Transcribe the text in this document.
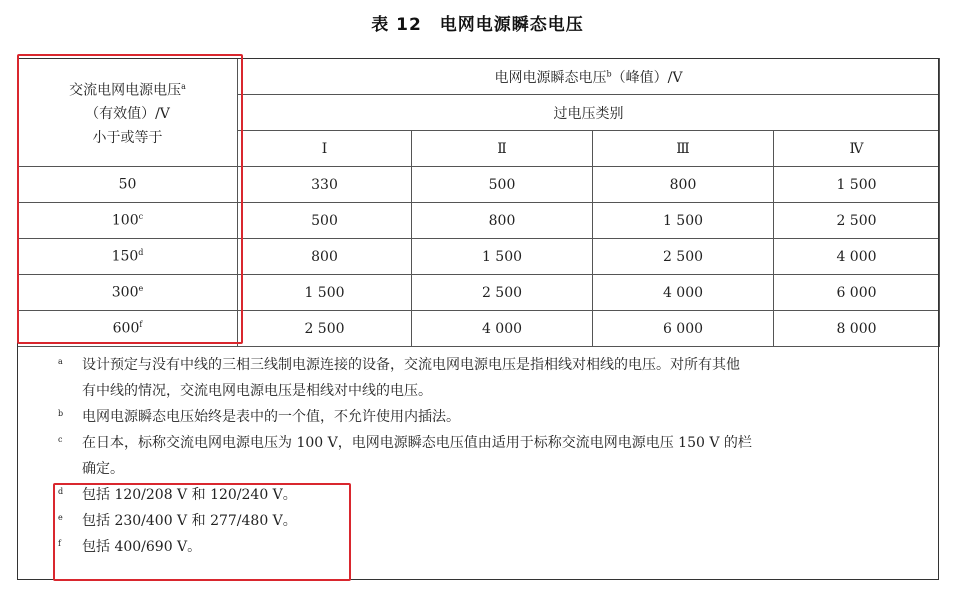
表 12　电网电源瞬态电压
交流电网电源电压$^a$
（有效值）/V
小于或等于	电网电源瞬态电压$^b$（峰值）/V			
	过电压类别			
	Ⅰ	Ⅱ	Ⅲ	Ⅳ
50	330	500	800	1 500
100$^c$	500	800	1 500	2 500
150$^d$	800	1 500	2 500	4 000
300e	1 500	2 500	4 000	6 000
600$^f$	2 500	4 000	6 000	8 000
a 设计预定与没有中线的三相三线制电源连接的设备，交流电网电源电压是指相线对相线的电压。对所有其他
有中线的情况，交流电网电源电压是相线对中线的电压。
b 电网电源瞬态电压始终是表中的一个值，不允许使用内插法。
c 在日本，标称交流电网电源电压为 100 V，电网电源瞬态电压值由适用于标称交流电网电源电压 150 V 的栏
确定。
d 包括 120/208 V 和 120/240 V。
e 包括 230/400 V 和 277/480 V。
f 包括 400/690 V。
